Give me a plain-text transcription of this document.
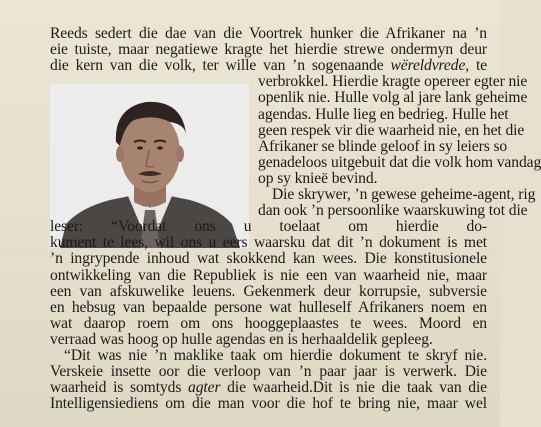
Reeds sedert die dae van die Voortrek hunker die Afrikaner na ’n
eie tuiste, maar negatiewe kragte het hierdie strewe ondermyn deur
die kern van die volk, ter wille van ’n sogenaande wëreldvrede, te
verbrokkel. Hierdie kragte opereer egter nie
openlik nie. Hulle volg al jare lank geheime
agendas. Hulle lieg en bedrieg. Hulle het
geen respek vir die waarheid nie, en het die
Afrikaner se blinde geloof in sy leiers so
genadeloos uitgebuit dat die volk hom vandag
op sy knieë bevind.
Die skrywer, ’n gewese geheime-agent, rig
dan ook ’n persoonlike waarskuwing tot die
leser: “Voordat ons u toelaat om hierdie do-
kument te lees, wil ons u eers waarsku dat dit ’n dokument is met
’n ingrypende inhoud wat skokkend kan wees. Die konstitusionele
ontwikkeling van die Republiek is nie een van waarheid nie, maar
een van afskuwelike leuens. Gekenmerk deur korrupsie, subversie
en hebsug van bepaalde persone wat hulleself Afrikaners noem en
wat daarop roem om ons hooggeplaastes te wees. Moord en
verraad was hoog op hulle agendas en is herhaaldelik gepleeg.
“Dit was nie ’n maklike taak om hierdie dokument te skryf nie.
Verskeie insette oor die verloop van ’n paar jaar is verwerk. Die
waarheid is somtyds agter die waarheid.Dit is nie die taak van die
Intelligensiediens om die man voor die hof te bring nie, maar wel
